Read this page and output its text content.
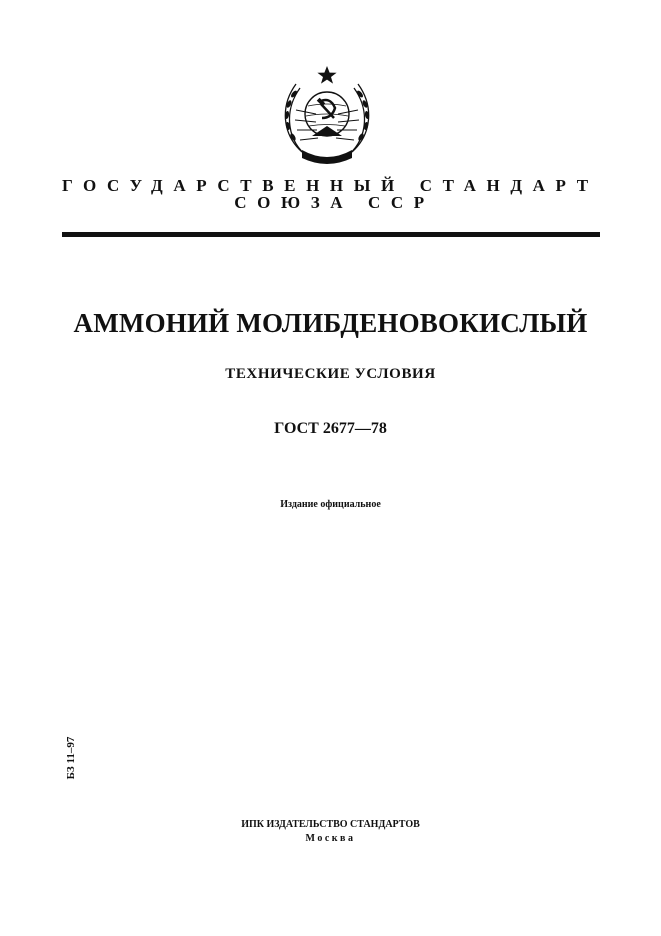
ГОСУДАРСТВЕННЫЙ СТАНДАРТ
СОЮЗА ССР
АММОНИЙ МОЛИБДЕНОВОКИСЛЫЙ
ТЕХНИЧЕСКИЕ УСЛОВИЯ
ГОСТ 2677—78
Издание официальное
БЗ 11–97
ИПК ИЗДАТЕЛЬСТВО СТАНДАРТОВ
Москва
